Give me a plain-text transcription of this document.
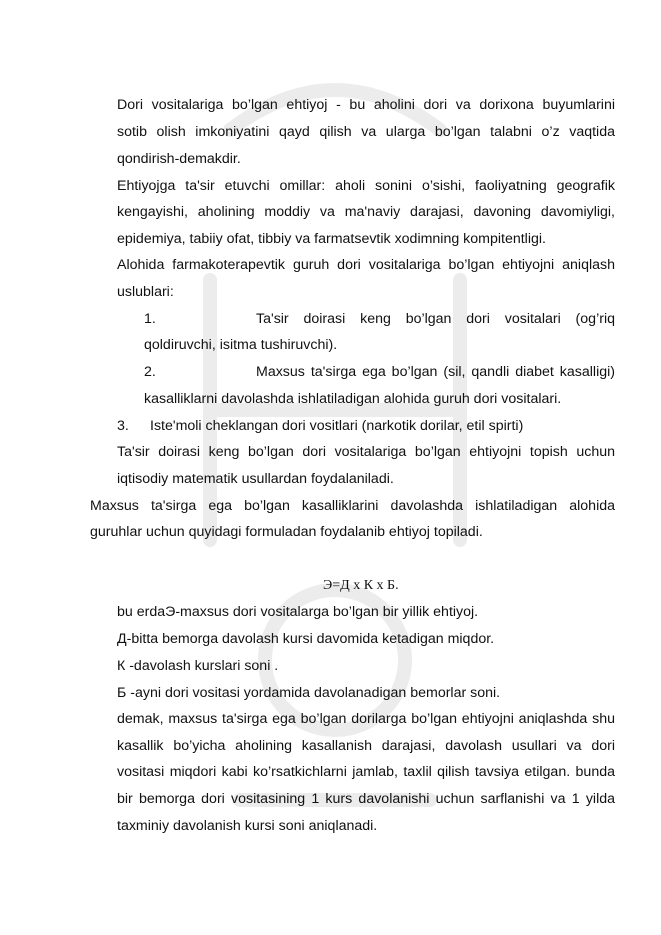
Dori vositalariga bo’lgan ehtiyoj - bu aholini dori va dorixona buyumlarini
sotib olish imkoniyatini qayd qilish va ularga bo’lgan talabni o’z vaqtida
qondirish-demakdir.
Ehtiyojga ta'sir etuvchi omillar: aholi sonini o’sishi, faoliyatning geografik
kengayishi, aholining moddiy va ma'naviy darajasi, davoning davomiyligi,
epidemiya, tabiiy ofat, tibbiy va farmatsevtik xodimning kompitentligi.
Alohida farmakoterapevtik guruh dori vositalariga bo’lgan ehtiyojni aniqlash
uslublari:
1.	Ta'sir doirasi keng bo’lgan dori vositalari (og’riq
qoldiruvchi, isitma tushiruvchi).
2.	Maxsus ta'sirga ega bo’lgan (sil, qandli diabet kasalligi)
kasalliklarni davolashda ishlatiladigan alohida guruh dori vositalari.
3. Iste'moli cheklangan dori vositlari (narkotik dorilar, etil spirti)
Ta'sir doirasi keng bo’lgan dori vositalariga bo’lgan ehtiyojni topish uchun
iqtisodiy matematik usullardan foydalaniladi.
Maxsus ta'sirga ega bo’lgan kasalliklarini davolashda ishlatiladigan alohida
guruhlar uchun quyidagi formuladan foydalanib ehtiyoj topiladi.
Э=Д х К х Б.
bu erdaЭ-maxsus dori vositalarga bo’lgan bir yillik ehtiyoj.
Д-bitta bemorga davolash kursi davomida ketadigan miqdor.
К -davolash kurslari soni .
Б -ayni dori vositasi yordamida davolanadigan bemorlar soni.
demak, maxsus ta'sirga ega bo’lgan dorilarga bo’lgan ehtiyojni aniqlashda shu
kasallik bo’yicha aholining kasallanish darajasi, davolash usullari va dori
vositasi miqdori kabi ko’rsatkichlarni jamlab, taxlil qilish tavsiya etilgan. bunda
bir bemorga dori vositasining 1 kurs davolanishi uchun sarflanishi va 1 yilda
taxminiy davolanish kursi soni aniqlanadi.
